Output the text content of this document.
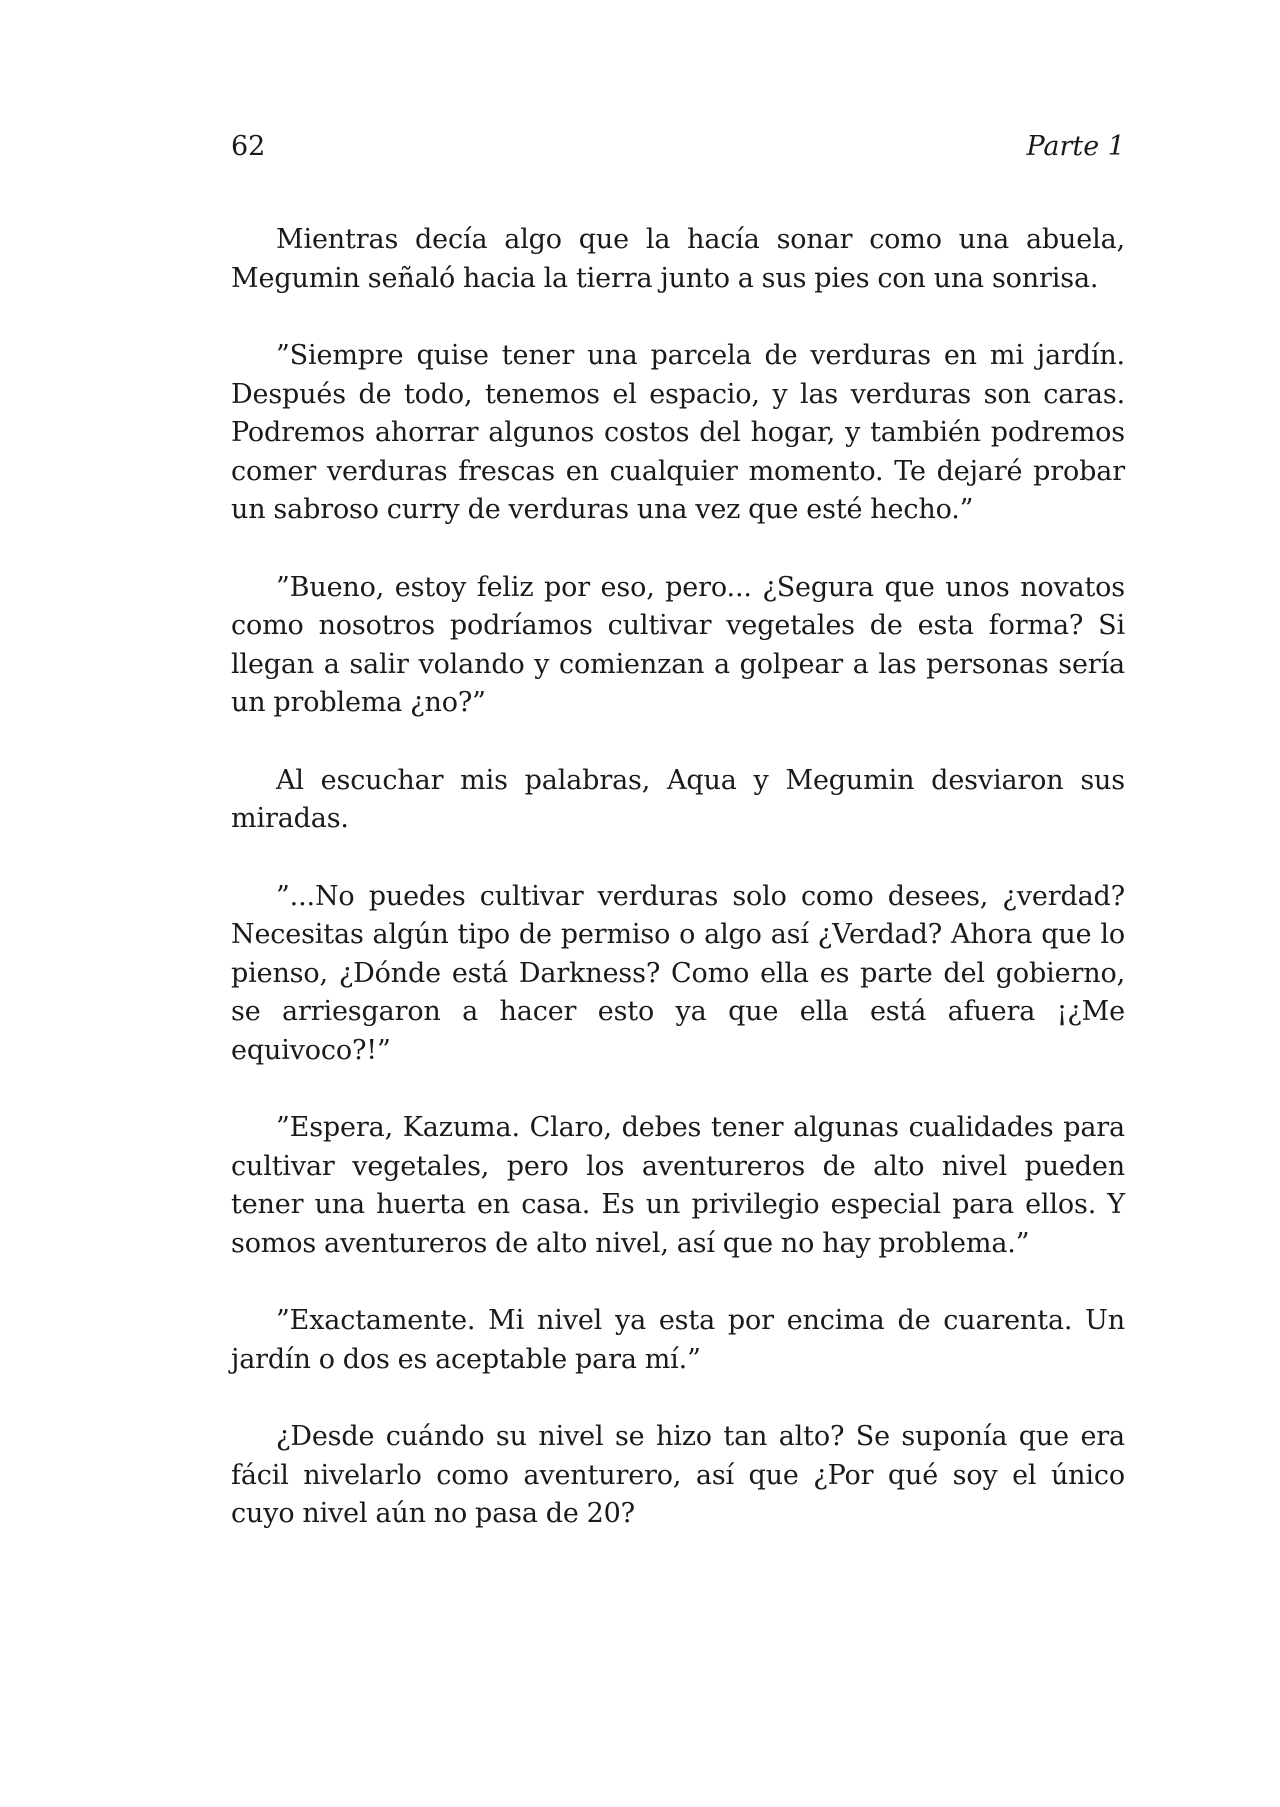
62	Parte 1

Mientras decía algo que la hacía sonar como una abuela, Megumin señaló hacia la tierra junto a sus pies con una sonrisa.

”Siempre quise tener una parcela de verduras en mi jardín. Después de todo, tenemos el espacio, y las verduras son caras. Podremos ahorrar algunos costos del hogar, y también podremos comer verduras frescas en cualquier momento. Te dejaré probar un sabroso curry de verduras una vez que esté hecho.”

”Bueno, estoy feliz por eso, pero... ¿Segura que unos novatos como nosotros podríamos cultivar vegetales de esta forma? Si llegan a salir volando y comienzan a golpear a las personas sería un problema ¿no?”

Al escuchar mis palabras, Aqua y Megumin desviaron sus miradas.

”...No puedes cultivar verduras solo como desees, ¿verdad? Necesitas algún tipo de permiso o algo así ¿Verdad? Ahora que lo pienso, ¿Dónde está Darkness? Como ella es parte del gobierno, se arriesgaron a hacer esto ya que ella está afuera ¡¿Me equivoco?!”

”Espera, Kazuma. Claro, debes tener algunas cualidades para cultivar vegetales, pero los aventureros de alto nivel pueden tener una huerta en casa. Es un privilegio especial para ellos. Y somos aventureros de alto nivel, así que no hay problema.”

”Exactamente. Mi nivel ya esta por encima de cuarenta. Un jardín o dos es aceptable para mí.”

¿Desde cuándo su nivel se hizo tan alto? Se suponía que era fácil nivelarlo como aventurero, así que ¿Por qué soy el único cuyo nivel aún no pasa de 20?
